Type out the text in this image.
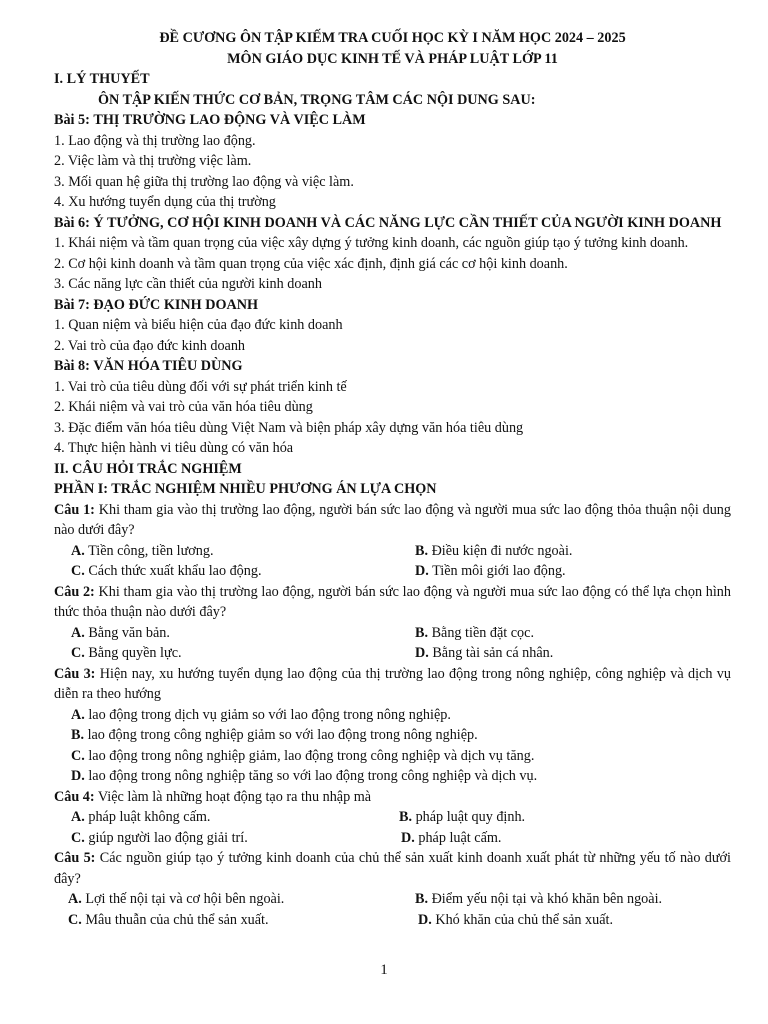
ĐỀ CƯƠNG ÔN TẬP KIẾM TRA CUỐI HỌC KỲ I NĂM HỌC 2024 – 2025
MÔN GIÁO DỤC KINH TẾ VÀ PHÁP LUẬT LỚP 11
I. LÝ THUYẾT
ÔN TẬP KIẾN THỨC CƠ BẢN, TRỌNG TÂM CÁC NỘI DUNG SAU:
Bài 5: THỊ TRƯỜNG LAO ĐỘNG VÀ VIỆC LÀM
1. Lao động và thị trường lao động.
2. Việc làm và thị trường việc làm.
3. Mối quan hệ giữa thị trường lao động và việc làm.
4. Xu hướng tuyển dụng của thị trường
Bài 6: Ý TƯỞNG, CƠ HỘI KINH DOANH VÀ CÁC NĂNG LỰC CẦN THIẾT CỦA NGƯỜI KINH DOANH
1. Khái niệm và tầm quan trọng của việc xây dựng ý tưởng kinh doanh, các nguồn giúp tạo ý tưởng kinh doanh.
2. Cơ hội kinh doanh và tầm quan trọng của việc xác định, định giá các cơ hội kinh doanh.
3. Các năng lực cần thiết của người kinh doanh
Bài 7: ĐẠO ĐỨC KINH DOANH
1. Quan niệm và biểu hiện của đạo đức kinh doanh
2. Vai trò của đạo đức kinh doanh
Bài 8: VĂN HÓA TIÊU DÙNG
1. Vai trò của tiêu dùng đối với sự phát triển kinh tế
2. Khái niệm và vai trò của văn hóa tiêu dùng
3. Đặc điểm văn hóa tiêu dùng Việt Nam và biện pháp xây dựng văn hóa tiêu dùng
4. Thực hiện hành vi tiêu dùng có văn hóa
II. CÂU HỎI TRẮC NGHIỆM
PHẦN I: TRẮC NGHIỆM NHIỀU PHƯƠNG ÁN LỰA CHỌN
Câu 1: Khi tham gia vào thị trường lao động, người bán sức lao động và người mua sức lao động thỏa thuận nội dung nào dưới đây?
A. Tiền công, tiền lương.	B. Điều kiện đi nước ngoài.
C. Cách thức xuất khẩu lao động.	D. Tiền môi giới lao động.
Câu 2: Khi tham gia vào thị trường lao động, người bán sức lao động và người mua sức lao động có thể lựa chọn hình thức thỏa thuận nào dưới đây?
A. Bằng văn bản.	B. Bằng tiền đặt cọc.
C. Bằng quyền lực.	D. Bằng tài sản cá nhân.
Câu 3: Hiện nay, xu hướng tuyển dụng lao động của thị trường lao động trong nông nghiệp, công nghiệp và dịch vụ diễn ra theo hướng
A. lao động trong dịch vụ giảm so với lao động trong nông nghiệp.
B. lao động trong công nghiệp giảm so với lao động trong nông nghiệp.
C. lao động trong nông nghiệp giảm, lao động trong công nghiệp và dịch vụ tăng.
D. lao động trong nông nghiệp tăng so với lao động trong công nghiệp và dịch vụ.
Câu 4: Việc làm là những hoạt động tạo ra thu nhập mà
A. pháp luật không cấm.	B. pháp luật quy định.
C. giúp người lao động giải trí.	D. pháp luật cấm.
Câu 5: Các nguồn giúp tạo ý tưởng kinh doanh của chủ thể sản xuất kinh doanh xuất phát từ những yếu tố nào dưới đây?
A. Lợi thế nội tại và cơ hội bên ngoài.	B. Điểm yếu nội tại và khó khăn bên ngoài.
C. Mâu thuẫn của chủ thể sản xuất.	D. Khó khăn của chủ thể sản xuất.
1
